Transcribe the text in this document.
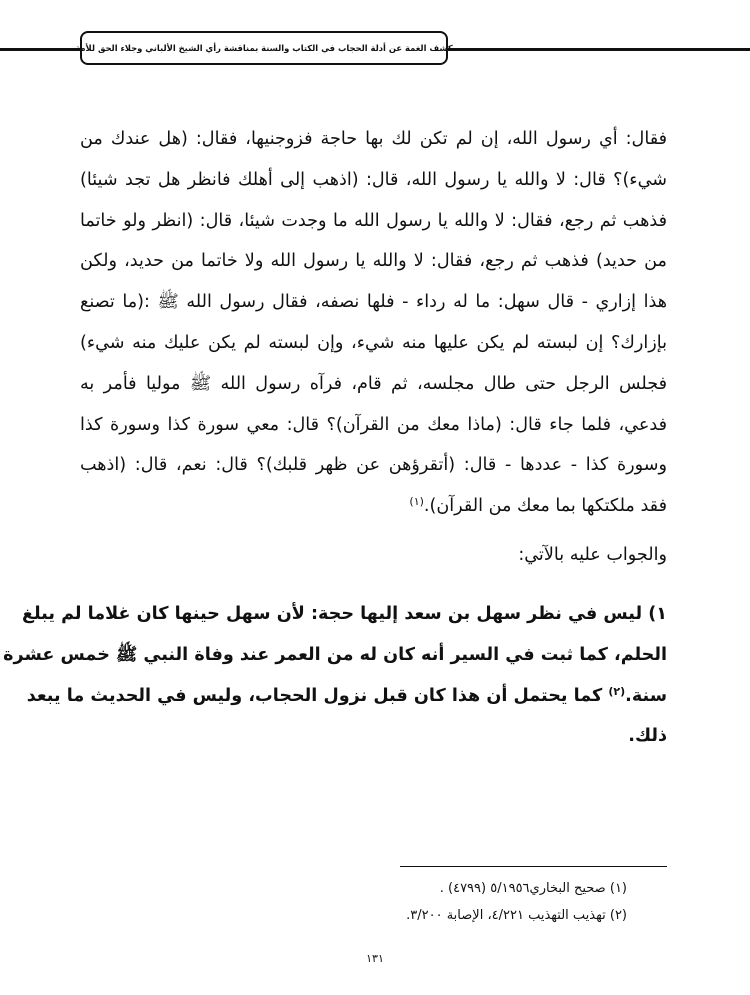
كشف الغمة عن أدلة الحجاب في الكتاب والسنة بمناقشة رأي الشيخ الألباني وجلاء الحق للأمة
فقال: أي رسول الله، إن لم تكن لك بها حاجة فزوجنيها، فقال: (هل عندك من
شيء)؟ قال: لا والله يا رسول الله، قال: (اذهب إلى أهلك فانظر هل تجد شيئا)
فذهب ثم رجع، فقال: لا والله يا رسول الله ما وجدت شيئا، قال: (انظر ولو خاتما
من حديد) فذهب ثم رجع، فقال: لا والله يا رسول الله ولا خاتما من حديد، ولكن
هذا إزاري - قال سهل: ما له رداء - فلها نصفه، فقال رسول الله ﷺ :(ما تصنع
بإزارك؟ إن لبسته لم يكن عليها منه شيء، وإن لبسته لم يكن عليك منه شيء)
فجلس الرجل حتى طال مجلسه، ثم قام، فرآه رسول الله ﷺ موليا فأمر به
فدعي، فلما جاء قال: (ماذا معك من القرآن)؟ قال: معي سورة كذا وسورة كذا
وسورة كذا - عددها - قال: (أتقرؤهن عن ظهر قلبك)؟ قال: نعم، قال: (اذهب
فقد ملكتكها بما معك من القرآن).$^{(١)}$
والجواب عليه بالآتي:
١) ليس في نظر سهل بن سعد إليها حجة: لأن سهل حينها كان غلاما لم يبلغ
الحلم، كما ثبت في السير أنه كان له من العمر عند وفاة النبي ﷺ خمس عشرة
سنة.$^{(٢)}$ كما يحتمل أن هذا كان قبل نزول الحجاب، وليس في الحديث ما يبعد
ذلك.
(١) صحيح البخاري٥/١٩٥٦ (٤٧٩٩) .
(٢) تهذيب التهذيب ٤/٢٢١، الإصابة ٣/٢٠٠.
١٣١
